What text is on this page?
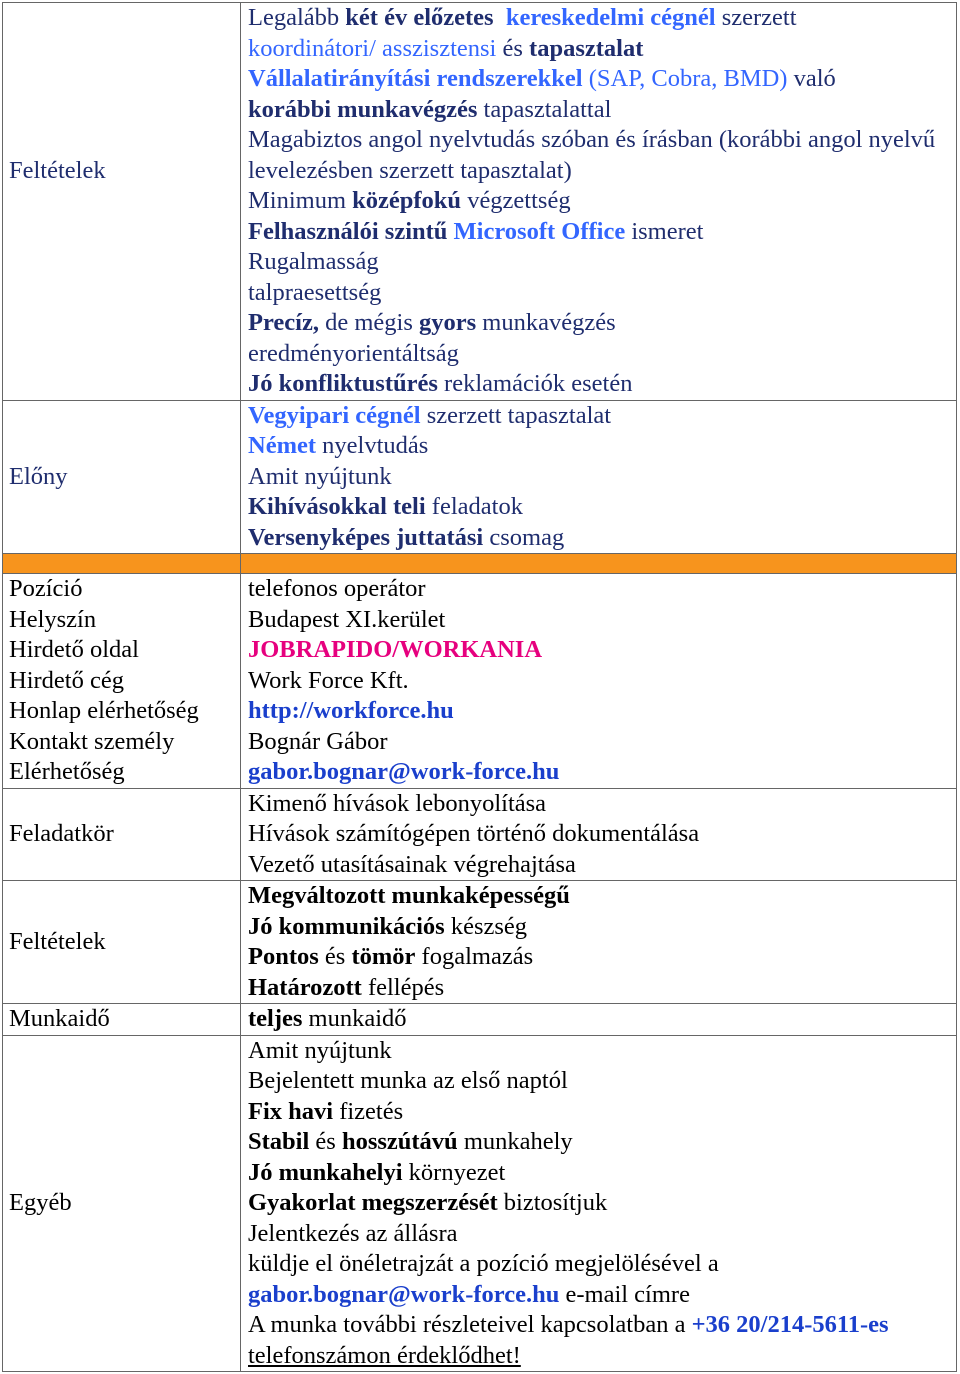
Feltételek
Legalább két év előzetes kereskedelmi cégnél szerzett
koordinátori/ asszisztensi és tapasztalat
Vállalatirányítási rendszerekkel (SAP, Cobra, BMD) való
korábbi munkavégzés tapasztalattal
Magabiztos angol nyelvtudás szóban és írásban (korábbi angol nyelvű
levelezésben szerzett tapasztalat)
Minimum középfokú végzettség
Felhasználói szintű Microsoft Office ismeret
Rugalmasság
talpraesettség
Precíz, de mégis gyors munkavégzés
eredményorientáltság
Jó konfliktustűrés reklamációk esetén
Előny
Vegyipari cégnél szerzett tapasztalat
Német nyelvtudás
Amit nyújtunk
Kihívásokkal teli feladatok
Versenyképes juttatási csomag
Pozíció
Helyszín
Hirdető oldal
Hirdető cég
Honlap elérhetőség
Kontakt személy
Elérhetőség
telefonos operátor
Budapest XI.kerület
JOBRAPIDO/WORKANIA
Work Force Kft.
http://workforce.hu
Bognár Gábor
gabor.bognar@work-force.hu
Feladatkör
Kimenő hívások lebonyolítása
Hívások számítógépen történő dokumentálása
Vezető utasításainak végrehajtása
Feltételek
Megváltozott munkaképességű
Jó kommunikációs készség
Pontos és tömör fogalmazás
Határozott fellépés
Munkaidő	teljes munkaidő
Egyéb
Amit nyújtunk
Bejelentett munka az első naptól
Fix havi fizetés
Stabil és hosszútávú munkahely
Jó munkahelyi környezet
Gyakorlat megszerzését biztosítjuk
Jelentkezés az állásra
küldje el önéletrajzát a pozíció megjelölésével a
gabor.bognar@work-force.hu e-mail címre
A munka további részleteivel kapcsolatban a +36 20/214-5611-es
telefonszámon érdeklődhet!
